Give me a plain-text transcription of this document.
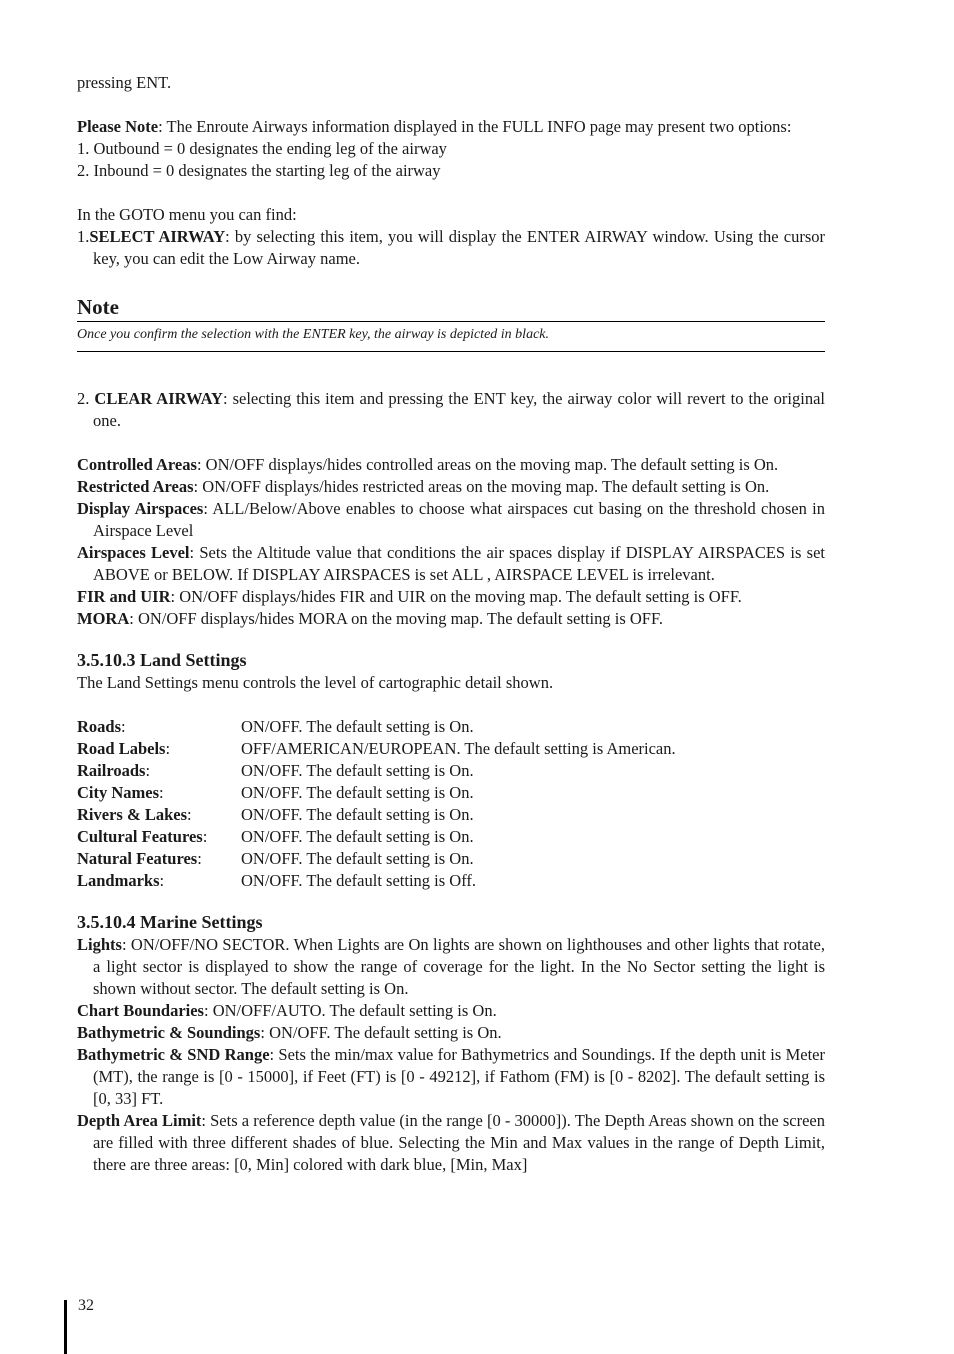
pressing ENT.

Please Note: The Enroute Airways information displayed in the FULL INFO page may present two options:

1. Outbound = 0 designates the ending leg of the airway

2. Inbound = 0 designates the starting leg of the airway

In the GOTO menu you can find:

1.SELECT AIRWAY: by selecting this item, you will display the ENTER AIRWAY window. Using the cursor key, you can edit the Low Airway name.

Note
Once you confirm the selection with the ENTER key, the airway is depicted in black.

2. CLEAR AIRWAY: selecting this item and pressing the ENT key, the airway color will revert to the original one.

Controlled Areas: ON/OFF displays/hides controlled areas on the moving map. The default setting is On.

Restricted Areas: ON/OFF displays/hides restricted areas on the moving map. The default setting is On.

Display Airspaces: ALL/Below/Above enables to choose what airspaces cut basing on the threshold chosen in Airspace Level

Airspaces Level: Sets the Altitude value that conditions the air spaces display if DISPLAY AIRSPACES is set ABOVE or BELOW. If DISPLAY AIRSPACES is set ALL , AIRSPACE LEVEL is irrelevant.

FIR and UIR: ON/OFF displays/hides FIR and UIR on the moving map. The default setting is OFF.

MORA: ON/OFF displays/hides MORA on the moving map. The default setting is OFF.

3.5.10.3 Land Settings

The Land Settings menu controls the level of cartographic detail shown.

Roads:	ON/OFF. The default setting is On.
Road Labels:	OFF/AMERICAN/EUROPEAN. The default setting is American.
Railroads:	ON/OFF. The default setting is On.
City Names:	ON/OFF. The default setting is On.
Rivers & Lakes:	ON/OFF. The default setting is On.
Cultural Features:	ON/OFF. The default setting is On.
Natural Features:	ON/OFF. The default setting is On.
Landmarks:	ON/OFF. The default setting is Off.
3.5.10.4 Marine Settings

Lights: ON/OFF/NO SECTOR. When Lights are On lights are shown on lighthouses and other lights that rotate, a light sector is displayed to show the range of coverage for the light. In the No Sector setting the light is shown without sector. The default setting is On.

Chart Boundaries: ON/OFF/AUTO. The default setting is On.

Bathymetric & Soundings: ON/OFF. The default setting is On.

Bathymetric & SND Range: Sets the min/max value for Bathymetrics and Soundings. If the depth unit is Meter (MT), the range is [0 - 15000], if Feet (FT) is [0 - 49212], if Fathom (FM) is [0 - 8202]. The default setting is [0, 33] FT.

Depth Area Limit: Sets a reference depth value (in the range [0 - 30000]). The Depth Areas shown on the screen are filled with three different shades of blue. Selecting the Min and Max values in the range of Depth Limit, there are three areas: [0, Min] colored with dark blue, [Min, Max]

32
